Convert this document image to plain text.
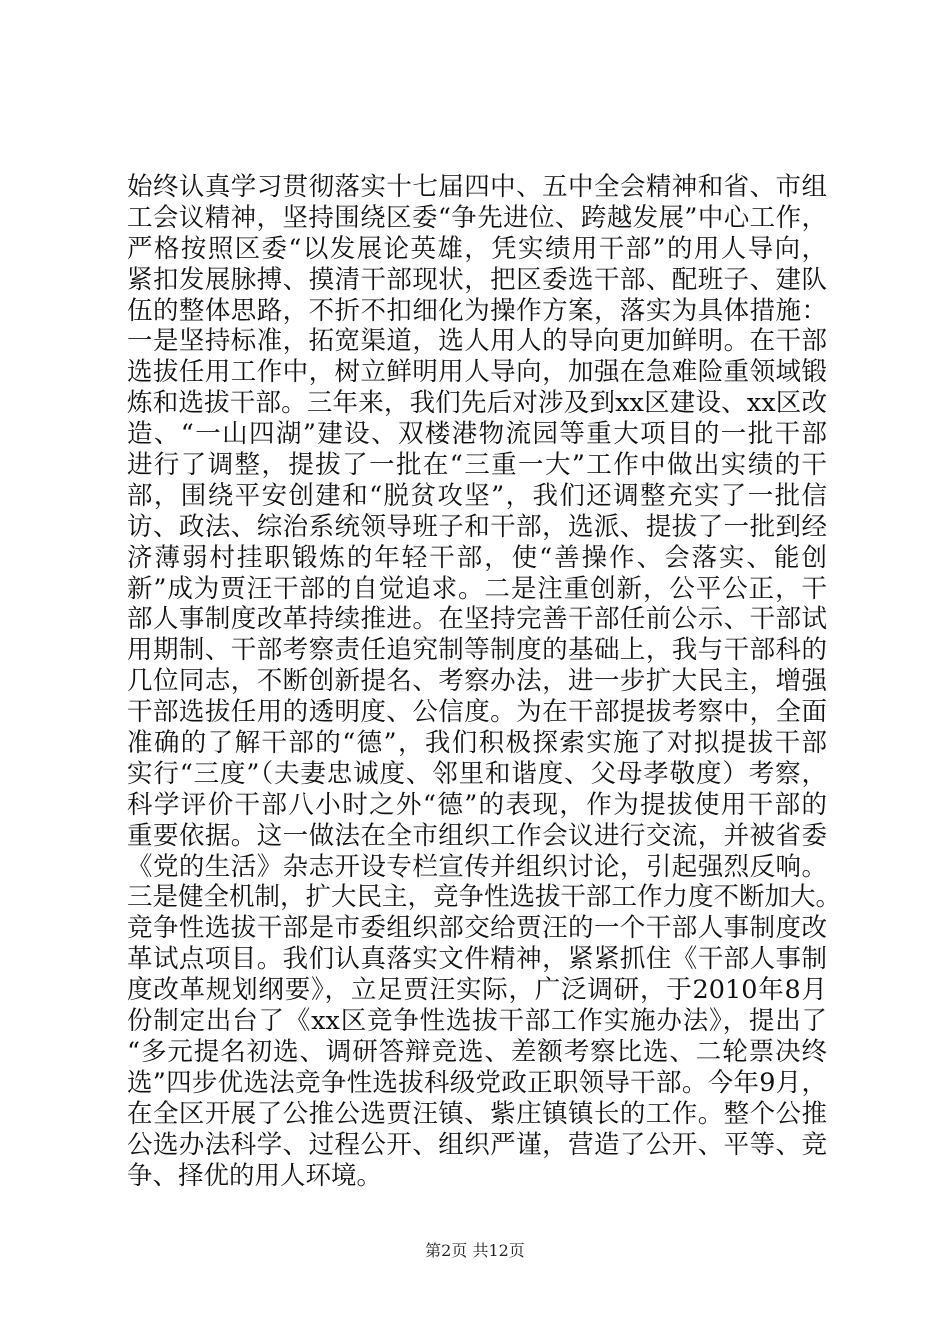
始终认真学习贯彻落实十七届四中、五中全会精神和省、市组
工会议精神，坚持围绕区委“争先进位、跨越发展”中心工作，
严格按照区委“以发展论英雄，凭实绩用干部”的用人导向，
紧扣发展脉搏、摸清干部现状，把区委选干部、配班子、建队
伍的整体思路，不折不扣细化为操作方案，落实为具体措施：
一是坚持标准，拓宽渠道，选人用人的导向更加鲜明。在干部
选拔任用工作中，树立鲜明用人导向，加强在急难险重领域锻
炼和选拔干部。三年来，我们先后对涉及到xx区建设、xx区改
造、“一山四湖”建设、双楼港物流园等重大项目的一批干部
进行了调整，提拔了一批在“三重一大”工作中做出实绩的干
部，围绕平安创建和“脱贫攻坚”，我们还调整充实了一批信
访、政法、综治系统领导班子和干部，选派、提拔了一批到经
济薄弱村挂职锻炼的年轻干部，使“善操作、会落实、能创
新”成为贾汪干部的自觉追求。二是注重创新，公平公正，干
部人事制度改革持续推进。在坚持完善干部任前公示、干部试
用期制、干部考察责任追究制等制度的基础上，我与干部科的
几位同志，不断创新提名、考察办法，进一步扩大民主，增强
干部选拔任用的透明度、公信度。为在干部提拔考察中，全面
准确的了解干部的“德”，我们积极探索实施了对拟提拔干部
实行“三度”（夫妻忠诚度、邻里和谐度、父母孝敬度）考察，
科学评价干部八小时之外“德”的表现，作为提拔使用干部的
重要依据。这一做法在全市组织工作会议进行交流，并被省委
《党的生活》杂志开设专栏宣传并组织讨论，引起强烈反响。
三是健全机制，扩大民主，竞争性选拔干部工作力度不断加大。
竞争性选拔干部是市委组织部交给贾汪的一个干部人事制度改
革试点项目。我们认真落实文件精神，紧紧抓住《干部人事制
度改革规划纲要》，立足贾汪实际，广泛调研，于2010年8月
份制定出台了《xx区竞争性选拔干部工作实施办法》，提出了
“多元提名初选、调研答辩竞选、差额考察比选、二轮票决终
选”四步优选法竞争性选拔科级党政正职领导干部。今年9月，
在全区开展了公推公选贾汪镇、紫庄镇镇长的工作。整个公推
公选办法科学、过程公开、组织严谨，营造了公开、平等、竞
争、择优的用人环境。
第2页 共12页
